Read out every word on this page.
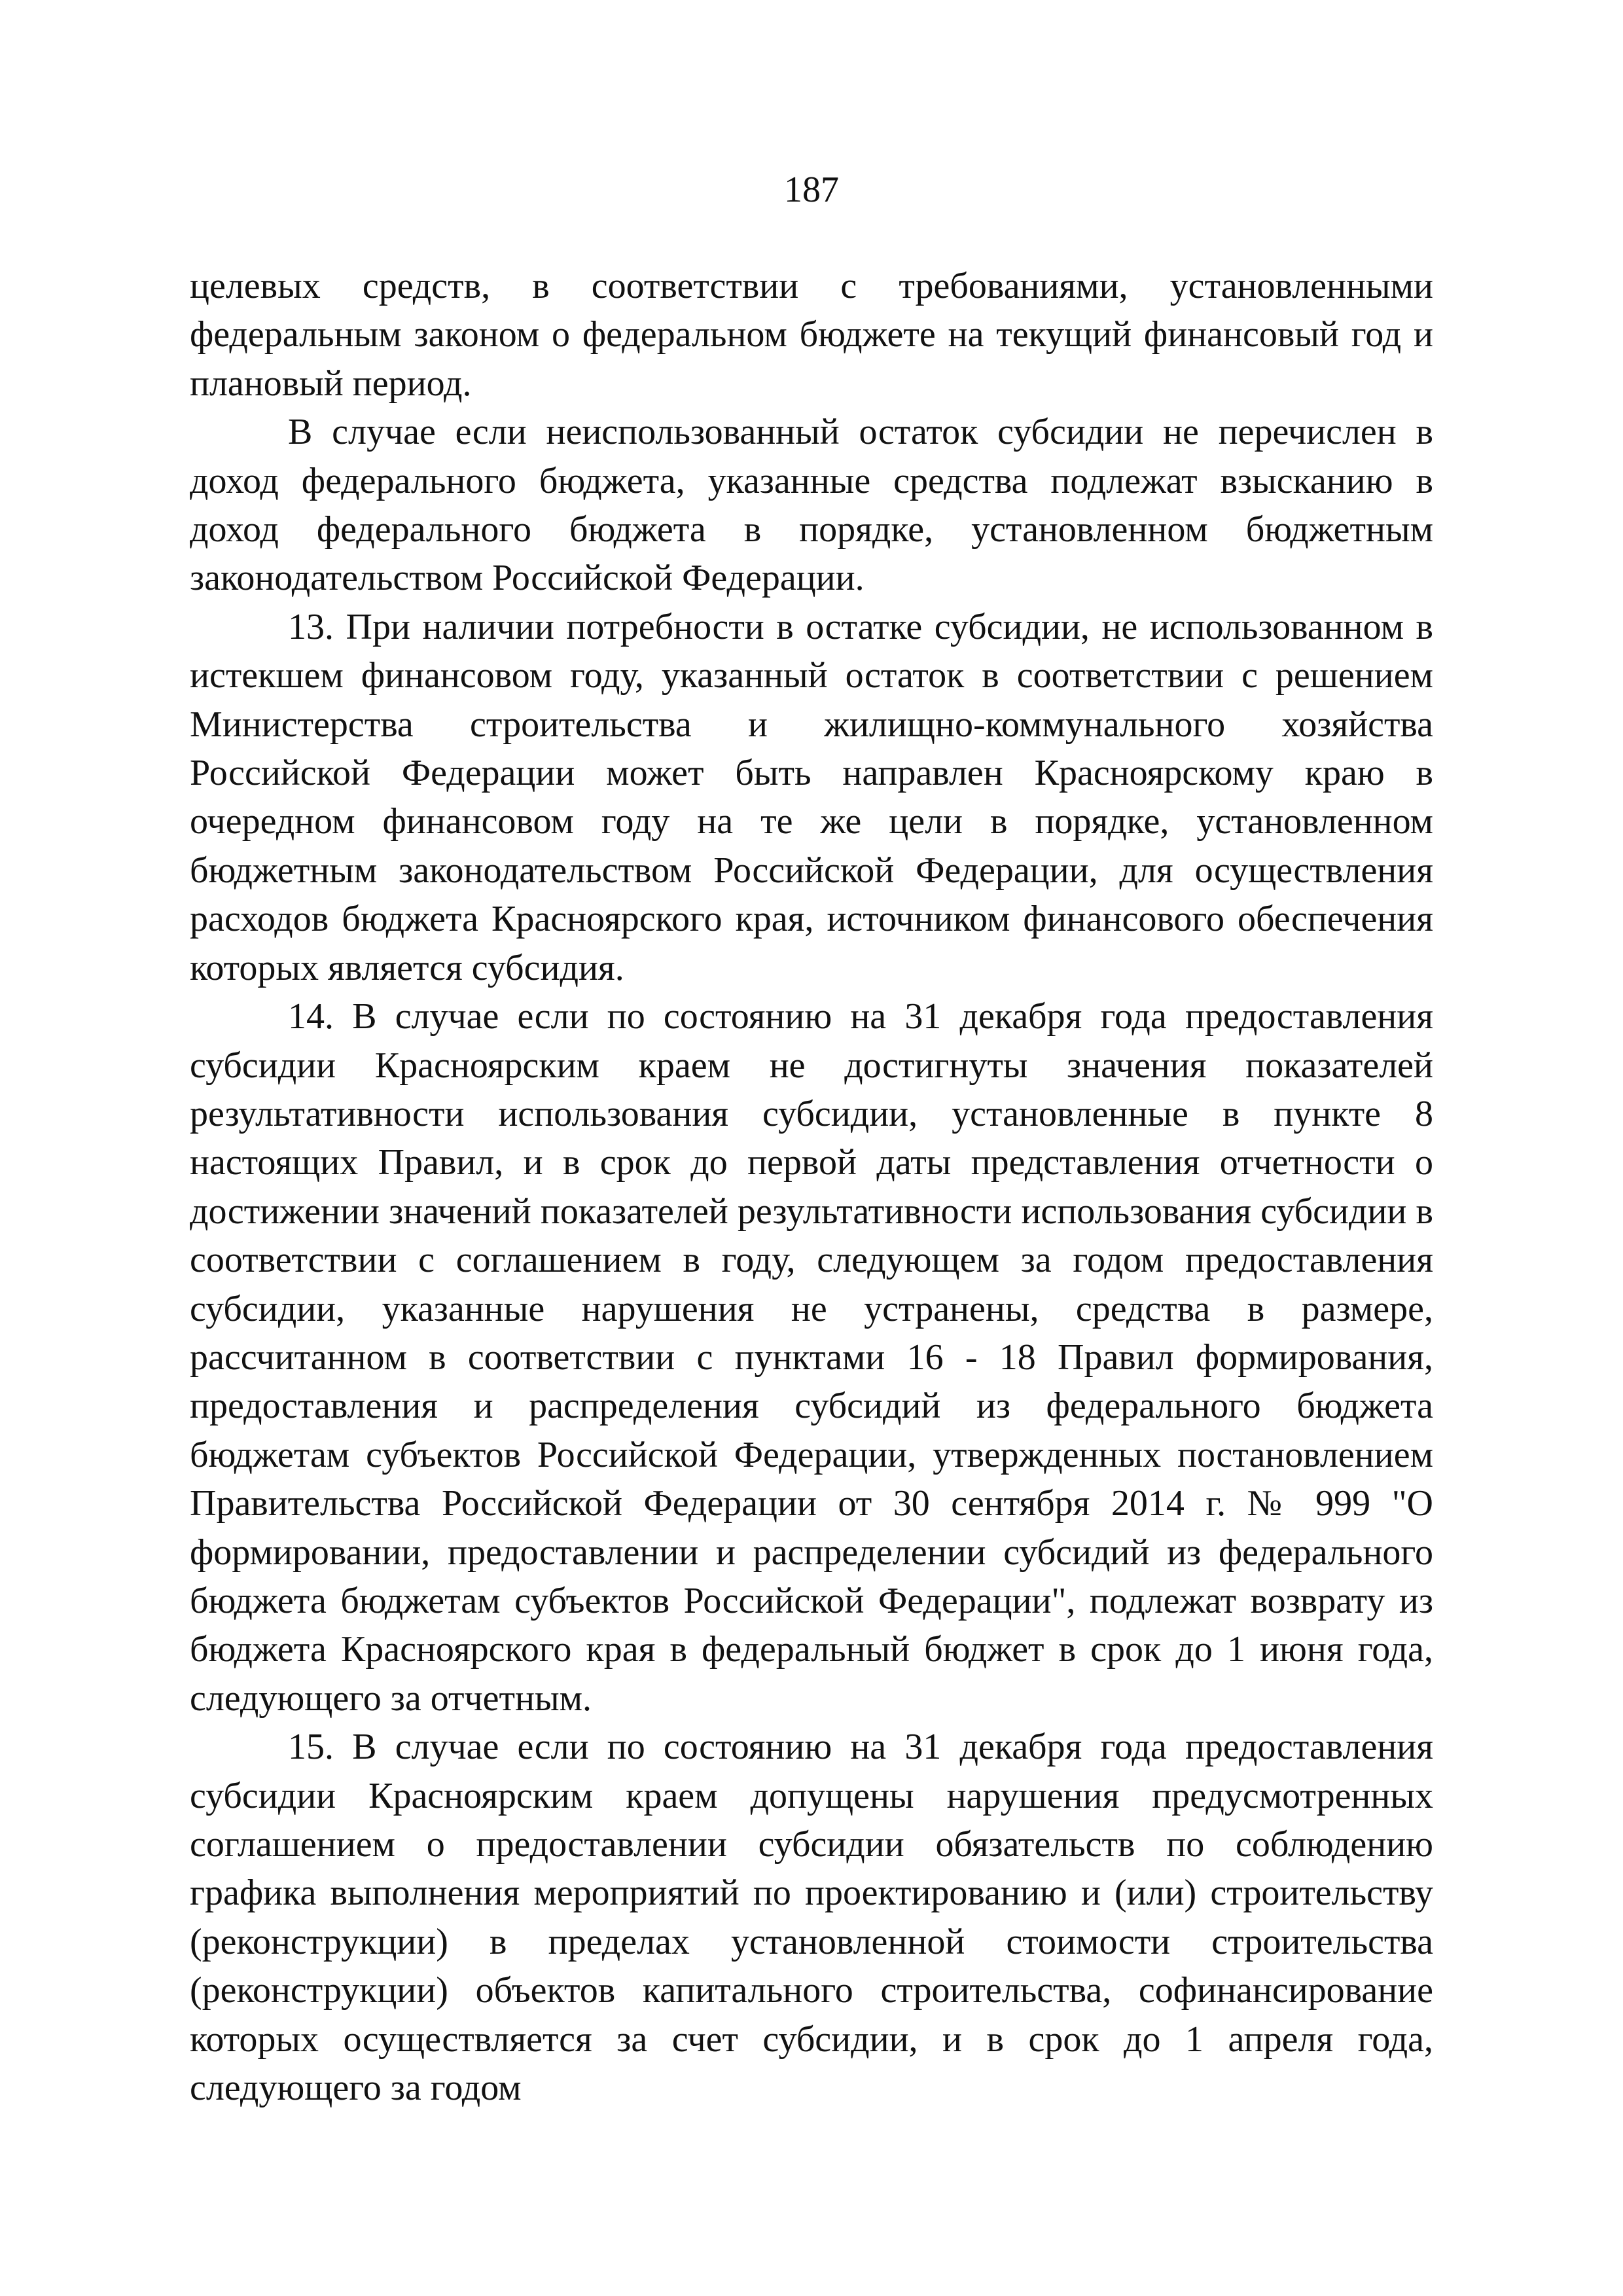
187

целевых средств, в соответствии с требованиями, установленными федеральным законом о федеральном бюджете на текущий финансовый год и плановый период.

В случае если неиспользованный остаток субсидии не перечислен в доход федерального бюджета, указанные средства подлежат взысканию в доход федерального бюджета в порядке, установленном бюджетным законодательством Российской Федерации.

13. При наличии потребности в остатке субсидии, не использованном в истекшем финансовом году, указанный остаток в соответствии с решением Министерства строительства и жилищно-коммунального хозяйства Российской Федерации может быть направлен Красноярскому краю в очередном финансовом году на те же цели в порядке, установленном бюджетным законодательством Российской Федерации, для осуществления расходов бюджета Красноярского края, источником финансового обеспечения которых является субсидия.

14. В случае если по состоянию на 31 декабря года предоставления субсидии Красноярским краем не достигнуты значения показателей результативности использования субсидии, установленные в пункте 8 настоящих Правил, и в срок до первой даты представления отчетности о достижении значений показателей результативности использования субсидии в соответствии с соглашением в году, следующем за годом предоставления субсидии, указанные нарушения не устранены, средства в размере, рассчитанном в соответствии с пунктами 16 - 18 Правил формирования, предоставления и распределения субсидий из федерального бюджета бюджетам субъектов Российской Федерации, утвержденных постановлением Правительства Российской Федерации от 30 сентября 2014 г. № 999 "О формировании, предоставлении и распределении субсидий из федерального бюджета бюджетам субъектов Российской Федерации", подлежат возврату из бюджета Красноярского края в федеральный бюджет в срок до 1 июня года, следующего за отчетным.

15. В случае если по состоянию на 31 декабря года предоставления субсидии Красноярским краем допущены нарушения предусмотренных соглашением о предоставлении субсидии обязательств по соблюдению графика выполнения мероприятий по проектированию и (или) строительству (реконструкции) в пределах установленной стоимости строительства (реконструкции) объектов капитального строительства, софинансирование которых осуществляется за счет субсидии, и в срок до 1 апреля года, следующего за годом
